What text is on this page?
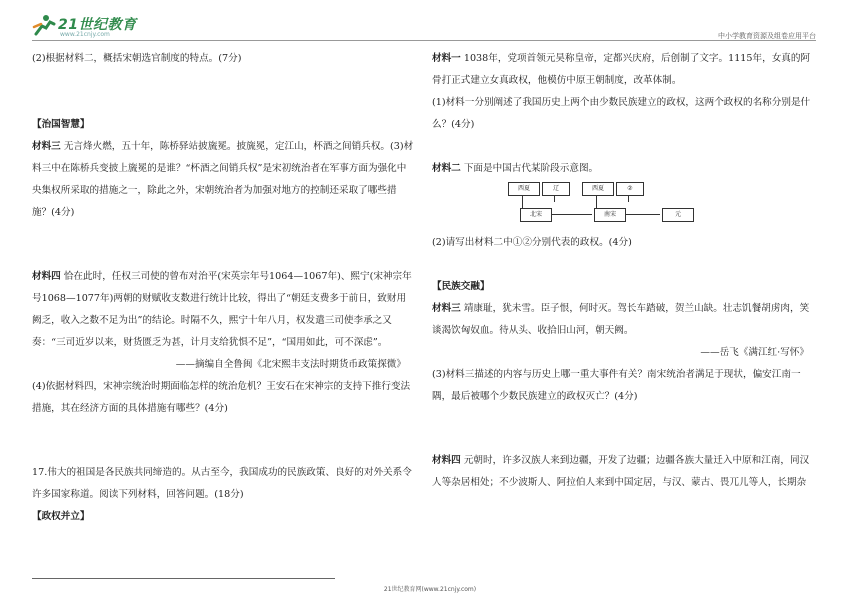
21世纪教育
www.21cnjy.com	中小学教育资源及组卷应用平台

(2)根据材料二，概括宋朝选官制度的特点。(7分)

【治国智慧】

材料三 无言烽火燃，五十年，陈桥驿站披旒冕。披旒冕，定江山，杯酒之间销兵权。(3)材料三中在陈桥兵变披上旒冕的是谁？“杯酒之间销兵权”是宋初统治者在军事方面为强化中央集权所采取的措施之一，除此之外，宋朝统治者为加强对地方的控制还采取了哪些措施？(4分)

材料四 恰在此时，任权三司使的曾布对治平(宋英宗年号1064—1067年)、熙宁(宋神宗年号1068—1077年)两朝的财赋收支数进行统计比较，得出了“朝廷支费多于前日，致财用阙乏，收入之数不足为出”的结论。时隔不久，熙宁十年八月，权发遣三司使李承之又奏：“三司近岁以来，财货匮乏为甚，计月支给犹惧不足”，“国用如此，可不深虑”。

——摘编自全鲁闽《北宋熙丰支法时期货币政策探微》

(4)依据材料四，宋神宗统治时期面临怎样的统治危机？王安石在宋神宗的支持下推行变法措施，其在经济方面的具体措施有哪些？(4分)

17.伟大的祖国是各民族共同缔造的。从古至今，我国成功的民族政策、良好的对外关系令许多国家称道。阅读下列材料，回答问题。(18分)

【政权并立】

材料一 1038年，党项首领元昊称皇帝，定都兴庆府，后创制了文字。1115年，女真的阿骨打正式建立女真政权，他模仿中原王朝制度，改革体制。

(1)材料一分别阐述了我国历史上两个由少数民族建立的政权，这两个政权的名称分别是什么？(4分)

材料二 下面是中国古代某阶段示意图。

西夏	辽	西夏	②
北宋	南宋	元

(2)请写出材料二中①②分别代表的政权。(4分)

【民族交融】

材料三 靖康耻，犹未雪。臣子恨，何时灭。驾长车踏破，贺兰山缺。壮志饥餐胡虏肉，笑谈渴饮匈奴血。待从头、收拾旧山河，朝天阙。

——岳飞《满江红·写怀》

(3)材料三描述的内容与历史上哪一重大事件有关？南宋统治者满足于现状，偏安江南一隅，最后被哪个少数民族建立的政权灭亡？(4分)

材料四 元朝时，许多汉族人来到边疆，开发了边疆；边疆各族大量迁入中原和江南，同汉人等杂居相处；不少波斯人、阿拉伯人来到中国定居，与汉、蒙古、畏兀儿等人，长期杂

21世纪教育网(www.21cnjy.com)
